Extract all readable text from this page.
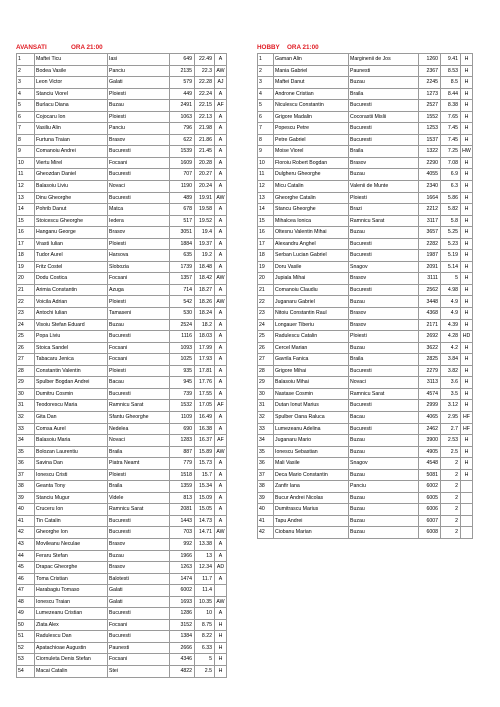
AVANSATI	ORA 21:00
1	Maftei Ticu	Iasi	649	22.49	A
2	Bodea Vasile	Panciu	2135	22.3	AW
3	Leon Victor	Galati	579	22.28	AJ
4	Stanciu Viorel	Ploiesti	449	22.24	A
5	Burlacu Diana	Buzau	2491	22.15	AF
6	Cojocaru Ion	Ploiesti	1063	22.13	A
7	Vasiliu Alin	Panciu	796	21.98	A
8	Furtuna Traian	Brasov	622	21.86	A
9	Comanoiu Andrei	Bucuresti	1539	21.45	A
10	Viertu Mirel	Focsani	1609	20.28	A
11	Gheozdan Daniel	Bucuresti	707	20.27	A
12	Balasoiu Liviu	Novaci	1190	20.24	A
13	Dinu Gheorghe	Bucuresti	489	19.91	AW
14	Pohrib Danut	Matca	678	19.58	A
15	Stoicescu Gheorghe	Iedera	517	19.52	A
16	Hanganu George	Brasov	3051	19.4	A
17	Vrasti Iulian	Ploiesti	1884	19.37	A
18	Tudor Aurel	Harsova	635	19.2	A
19	Fritz Costel	Slobozia	1739	18.48	A
20	Dodu Costica	Focsani	1357	18.42	AW
21	Arimia Constantin	Azuga	714	18.27	A
22	Voicila Adrian	Ploiesti	542	18.26	AW
23	Antochi Iulian	Tamaseni	530	18.24	A
24	Visoiu Stefan Eduard	Buzau	2524	18.2	A
25	Popa Liviu	Bucuresti	1116	18.03	A
26	Stoica Sandel	Focsani	1093	17.99	A
27	Tabacaru Jenica	Focsani	1025	17.93	A
28	Constantin Valentin	Ploiesti	935	17.81	A
29	Spulber Bogdan Andrei	Bacau	945	17.76	A
30	Dumitru Cosmin	Bucuresti	739	17.55	A
31	Teodorescu Maria	Ramnicu Sarat	1532	17.05	AF
32	Gita Dan	Sfantu Gheorghe	1109	16.49	A
33	Comsa Aurel	Nedelea	690	16.38	A
34	Balasoiu Maria	Novaci	1283	16.37	AF
35	Bolozan Laurentiu	Braila	887	15.89	AW
36	Savina Dan	Piatra Neamt	779	15.73	A
37	Ionescu Cristi	Ploiesti	1518	15.7	A
38	Geanta Tony	Braila	1359	15.34	A
39	Stanciu Mugur	Videle	813	15.09	A
40	Cruceru Ion	Ramnicu Sarat	2081	15.05	A
41	Tin Catalin	Bucuresti	1443	14.73	A
42	Gheorghe Ion	Bucuresti	703	14.71	AW
43	Movileanu Neculae	Brasov	992	13.38	A
44	Feraru Stefan	Buzau	1966	13	A
45	Drapac Gheorghe	Brasov	1263	12.34	AD
46	Toma Cristian	Balotesti	1474	11.7	A
47	Harabagiu Tomaso	Galati	6002	11.4	
48	Ionescu Traian	Galati	1693	10.35	AW
49	Lumezeanu Cristian	Bucuresti	1286	10	A
50	Zlata Alex	Focsani	3152	8.75	H
51	Radulescu Dan	Bucuresti	1384	8.22	H
52	Apatachioae Augustin	Paunesti	2666	6.33	H
53	Ciornuleta Denis Stefan	Focsani	4346	5	H
54	Macai Catalin	Stei	4822	2.5	H
HOBBY ORA 21:00
1	Gaman Alin	Marginenii de Jos	1260	9.41	H
2	Mania Gabriel	Paunesti	2367	8.53	H
3	Maftei Danut	Buzau	2245	8.5	H
4	Androne Cristian	Braila	1273	8.44	H
5	Niculescu Constantin	Bucuresti	2527	8.38	H
6	Grigore Madalin	Cocorastii Mislii	1552	7.65	H
7	Popescu Petre	Bucuresti	1253	7.45	H
8	Petre Gabriel	Bucuresti	1537	7.45	H
9	Moise Viorel	Braila	1322	7.25	HW
10	Floroiu Robert Bogdan	Brasov	2290	7.08	H
11	Dulgheru Gheorghe	Buzau	4055	6.9	H
12	Micu Catalin	Valenii de Munte	2340	6.3	H
13	Gheorghe Catalin	Ploiesti	1664	5.86	H
14	Stancu Gheorghe	Brazi	2212	5.82	H
15	Mihalcea Ionica	Ramnicu Sarat	3117	5.8	H
16	Oltesnu Valentin Mihai	Buzau	3657	5.25	H
17	Alexandru Anghel	Bucuresti	2282	5.23	H
18	Serban Lucian Gabriel	Bucuresti	1987	5.19	H
19	Doru Vasile	Snagov	2091	5.14	H
20	Jupiala Mihai	Brasov	3111	5	H
21	Comanoiu Claudiu	Bucuresti	2562	4.98	H
22	Juganaru Gabriel	Buzau	3448	4.9	H
23	Nitoiu Constantin Raul	Brasov	4368	4.9	H
24	Longauer Tiberiu	Brasov	2171	4.39	H
25	Radulescu Catalin	Ploiesti	2692	4.28	HD
26	Cercel Marian	Buzau	3622	4.2	H
27	Gavrila Fanica	Braila	2825	3.84	H
28	Grigore Mihai	Bucuresti	2279	3.82	H
29	Balasoiu Mihai	Novaci	3113	3.6	H
30	Nastase Cosmin	Ramnicu Sarat	4574	3.5	H
31	Dutan Ionut Marius	Bucuresti	2999	3.12	H
32	Spulber Oana Raluca	Bacau	4065	2.95	HF
33	Lumezeanu Adelina	Bucuresti	2462	2.7	HF
34	Juganaru Mario	Buzau	3900	2.53	H
35	Ionescu Sebastian	Buzau	4905	2.5	H
36	Mali Vasile	Snagov	4548	2	H
37	Deca Mario Constantin	Buzau	5081	2	H
38	Zanfir Iana	Panciu	6002	2	
39	Bucur Andrei Nicolas	Buzau	6005	2	
40	Dumitrascu Marius	Buzau	6006	2	
41	Tapu Andrei	Buzau	6007	2	
42	Ciobanu Marian	Buzau	6008	2	
